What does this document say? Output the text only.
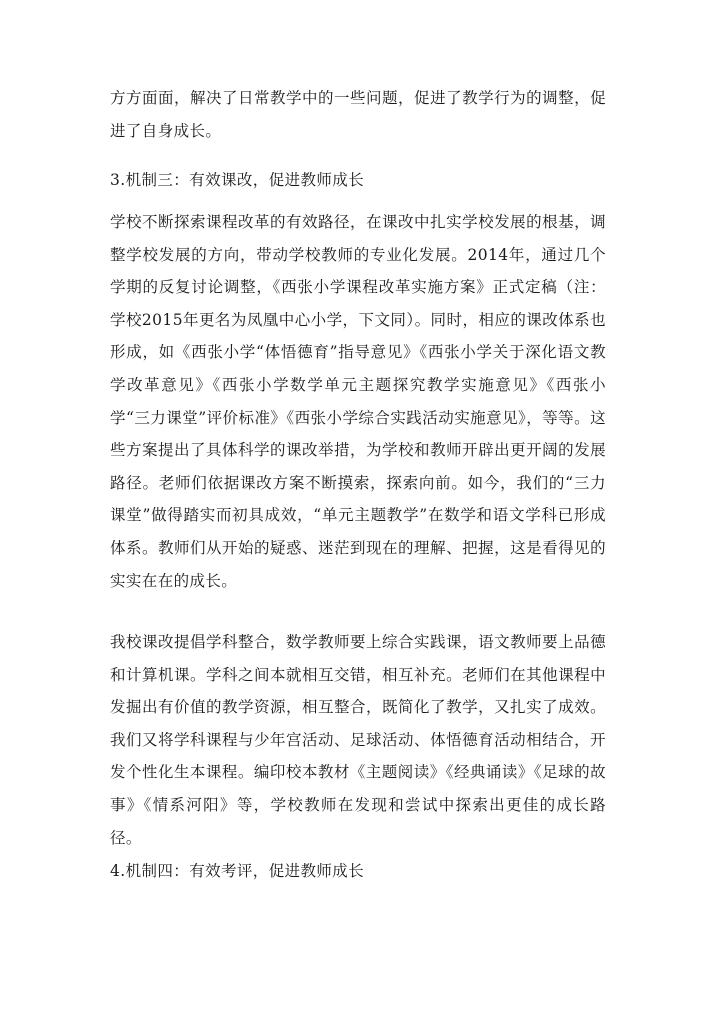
方方面面，解决了日常教学中的一些问题，促进了教学行为的调整，促进了自身成长。

3.机制三：有效课改，促进教师成长

学校不断探索课程改革的有效路径，在课改中扎实学校发展的根基，调整学校发展的方向，带动学校教师的专业化发展。2014年，通过几个学期的反复讨论调整，《西张小学课程改革实施方案》正式定稿（注：学校2015年更名为凤凰中心小学，下文同）。同时，相应的课改体系也形成，如《西张小学“体悟德育”指导意见》《西张小学关于深化语文教学改革意见》《西张小学数学单元主题探究教学实施意见》《西张小学“三力课堂”评价标准》《西张小学综合实践活动实施意见》，等等。这些方案提出了具体科学的课改举措，为学校和教师开辟出更开阔的发展路径。老师们依据课改方案不断摸索，探索向前。如今，我们的“三力课堂”做得踏实而初具成效，“单元主题教学”在数学和语文学科已形成体系。教师们从开始的疑惑、迷茫到现在的理解、把握，这是看得见的实实在在的成长。

我校课改提倡学科整合，数学教师要上综合实践课，语文教师要上品德和计算机课。学科之间本就相互交错，相互补充。老师们在其他课程中发掘出有价值的教学资源，相互整合，既简化了教学，又扎实了成效。我们又将学科课程与少年宫活动、足球活动、体悟德育活动相结合，开发个性化生本课程。编印校本教材《主题阅读》《经典诵读》《足球的故事》《情系河阳》等，学校教师在发现和尝试中探索出更佳的成长路径。

4.机制四：有效考评，促进教师成长
